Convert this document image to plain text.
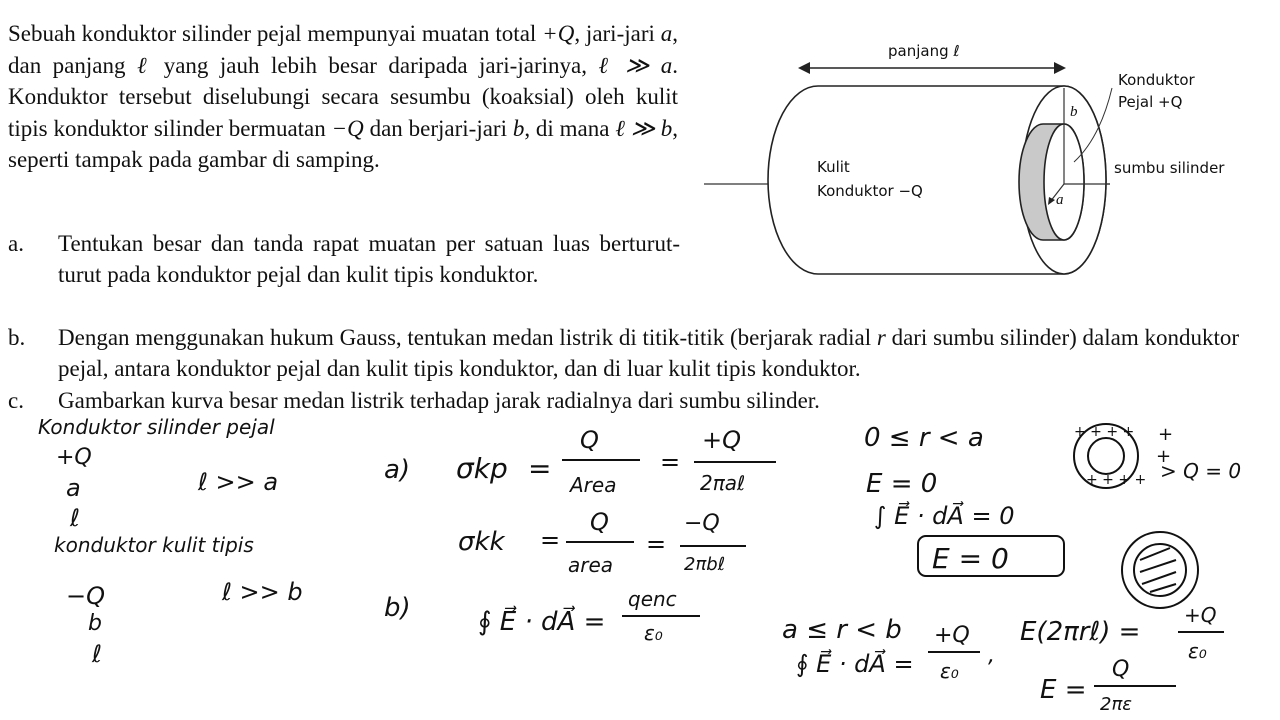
Sebuah konduktor silinder pejal mempunyai muatan total +Q, jari-jari a, dan panjang ℓ yang jauh lebih besar daripada jari-jarinya, ℓ ≫ a. Konduktor tersebut diselubungi secara sesumbu (koaksial) oleh kulit tipis konduktor silinder bermuatan −Q dan berjari-jari b, di mana ℓ ≫ b, seperti tampak pada gambar di samping.

a. Tentukan besar dan tanda rapat muatan per satuan luas berturut-turut pada konduktor pejal dan kulit tipis konduktor.
b. Dengan menggunakan hukum Gauss, tentukan medan listrik di titik-titik (berjarak radial r dari sumbu silinder) dalam konduktor pejal, antara konduktor pejal dan kulit tipis konduktor, dan di luar kulit tipis konduktor.
c. Gambarkan kurva besar medan listrik terhadap jarak radialnya dari sumbu silinder.
panjang ℓ
Konduktor
Pejal +Q
sumbu silinder
Kulit
Konduktor −Q
b
a
Konduktor silinder pejal
+Q
a
ℓ
ℓ >> a
konduktor kulit tipis
−Q	ℓ >> b
b
ℓ
a) σkp =
Q
Area
=
+Q
2πaℓ
σkk =
Q
area
=
−Q
2πbℓ
b)	∮ E⃗ · dA⃗ =
qenc
ε₀
0 ≤ r < a
E = 0
∫ E⃗ · dA⃗ = 0
E = 0
+ + + +
+ + + +
+
+
> Q = 0
a ≤ r < b
∮ E⃗ · dA⃗ =
+Q
ε₀
,
E(2πrℓ) =
+Q
ε₀
E =
Q
2πε
